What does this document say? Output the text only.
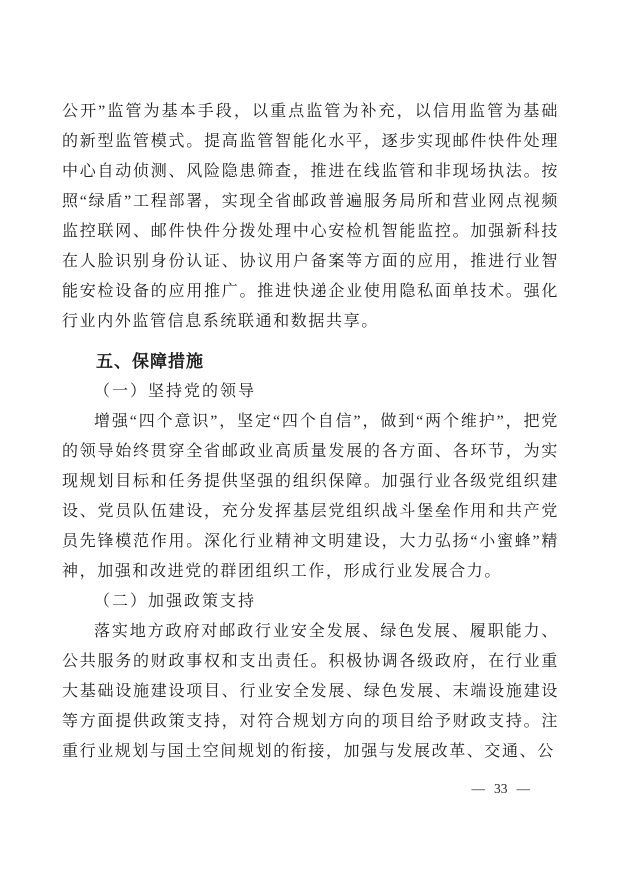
公开”监管为基本手段，以重点监管为补充，以信用监管为基础的新型监管模式。提高监管智能化水平，逐步实现邮件快件处理中心自动侦测、风险隐患筛查，推进在线监管和非现场执法。按照“绿盾”工程部署，实现全省邮政普遍服务局所和营业网点视频监控联网、邮件快件分拨处理中心安检机智能监控。加强新科技在人脸识别身份认证、协议用户备案等方面的应用，推进行业智能安检设备的应用推广。推进快递企业使用隐私面单技术。强化行业内外监管信息系统联通和数据共享。

五、保障措施
（一）坚持党的领导

增强“四个意识”，坚定“四个自信”，做到“两个维护”，把党的领导始终贯穿全省邮政业高质量发展的各方面、各环节，为实现规划目标和任务提供坚强的组织保障。加强行业各级党组织建设、党员队伍建设，充分发挥基层党组织战斗堡垒作用和共产党员先锋模范作用。深化行业精神文明建设，大力弘扬“小蜜蜂”精神，加强和改进党的群团组织工作，形成行业发展合力。

（二）加强政策支持

落实地方政府对邮政行业安全发展、绿色发展、履职能力、公共服务的财政事权和支出责任。积极协调各级政府，在行业重大基础设施建设项目、行业安全发展、绿色发展、末端设施建设等方面提供政策支持，对符合规划方向的项目给予财政支持。注重行业规划与国土空间规划的衔接，加强与发展改革、交通、公

— 33 —
